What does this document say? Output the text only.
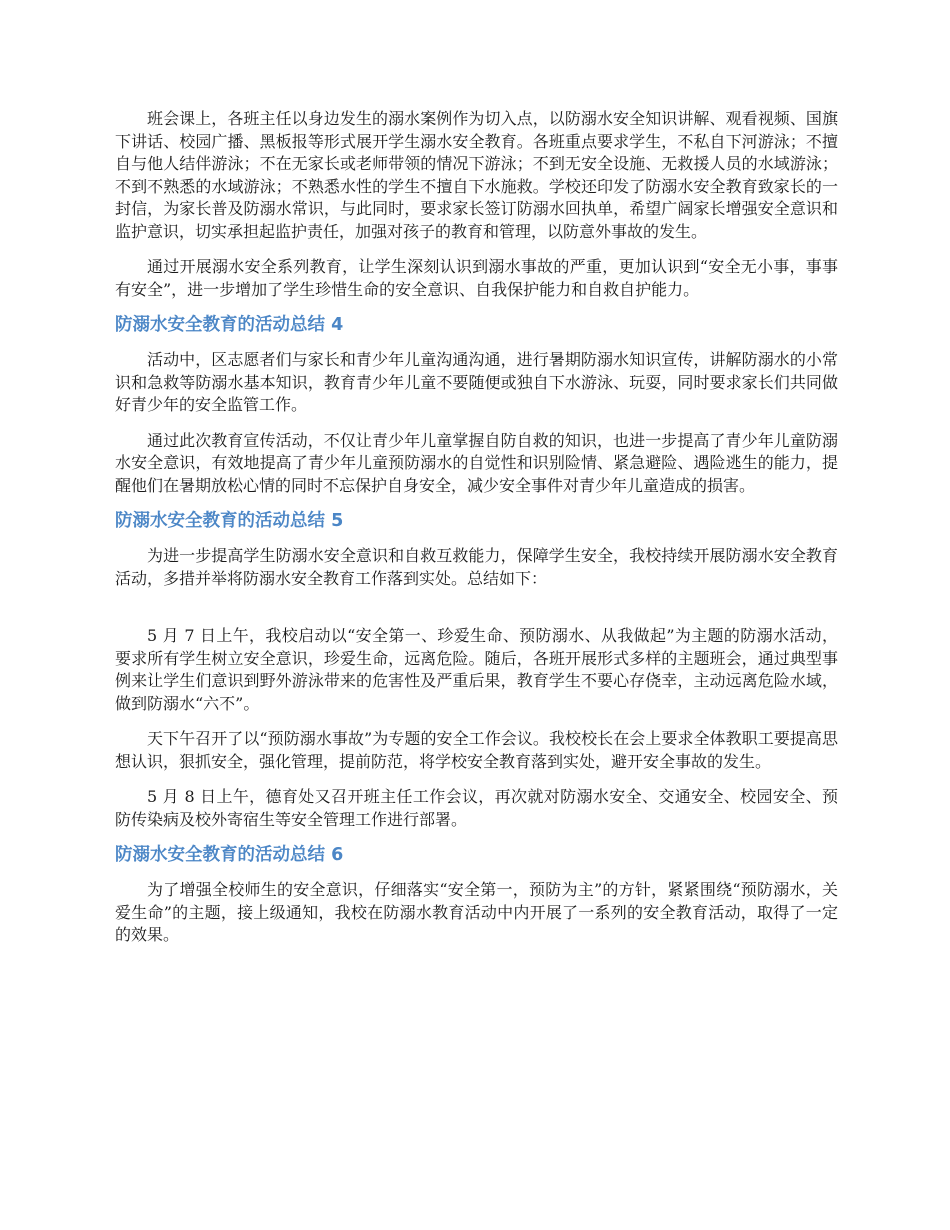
班会课上，各班主任以身边发生的溺水案例作为切入点，以防溺水安全知识讲解、观看视频、国旗下讲话、校园广播、黑板报等形式展开学生溺水安全教育。各班重点要求学生，不私自下河游泳；不擅自与他人结伴游泳；不在无家长或老师带领的情况下游泳；不到无安全设施、无救援人员的水域游泳；不到不熟悉的水域游泳；不熟悉水性的学生不擅自下水施救。学校还印发了防溺水安全教育致家长的一封信，为家长普及防溺水常识，与此同时，要求家长签订防溺水回执单，希望广阔家长增强安全意识和监护意识，切实承担起监护责任，加强对孩子的教育和管理，以防意外事故的发生。

通过开展溺水安全系列教育，让学生深刻认识到溺水事故的严重，更加认识到“安全无小事，事事有安全”，进一步增加了学生珍惜生命的安全意识、自我保护能力和自救自护能力。

防溺水安全教育的活动总结 4

活动中，区志愿者们与家长和青少年儿童沟通沟通，进行暑期防溺水知识宣传，讲解防溺水的小常识和急救等防溺水基本知识，教育青少年儿童不要随便或独自下水游泳、玩耍，同时要求家长们共同做好青少年的安全监管工作。

通过此次教育宣传活动，不仅让青少年儿童掌握自防自救的知识，也进一步提高了青少年儿童防溺水安全意识，有效地提高了青少年儿童预防溺水的自觉性和识别险情、紧急避险、遇险逃生的能力，提醒他们在暑期放松心情的同时不忘保护自身安全，减少安全事件对青少年儿童造成的损害。

防溺水安全教育的活动总结 5

为进一步提高学生防溺水安全意识和自救互救能力，保障学生安全，我校持续开展防溺水安全教育活动，多措并举将防溺水安全教育工作落到实处。总结如下：

5 月 7 日上午，我校启动以“安全第一、珍爱生命、预防溺水、从我做起”为主题的防溺水活动，要求所有学生树立安全意识，珍爱生命，远离危险。随后，各班开展形式多样的主题班会，通过典型事例来让学生们意识到野外游泳带来的危害性及严重后果，教育学生不要心存侥幸，主动远离危险水域，做到防溺水“六不”。

天下午召开了以“预防溺水事故”为专题的安全工作会议。我校校长在会上要求全体教职工要提高思想认识，狠抓安全，强化管理，提前防范，将学校安全教育落到实处，避开安全事故的发生。

5 月 8 日上午，德育处又召开班主任工作会议，再次就对防溺水安全、交通安全、校园安全、预防传染病及校外寄宿生等安全管理工作进行部署。

防溺水安全教育的活动总结 6

为了增强全校师生的安全意识，仔细落实“安全第一，预防为主”的方针，紧紧围绕“预防溺水，关爱生命”的主题，接上级通知，我校在防溺水教育活动中内开展了一系列的安全教育活动，取得了一定的效果。
